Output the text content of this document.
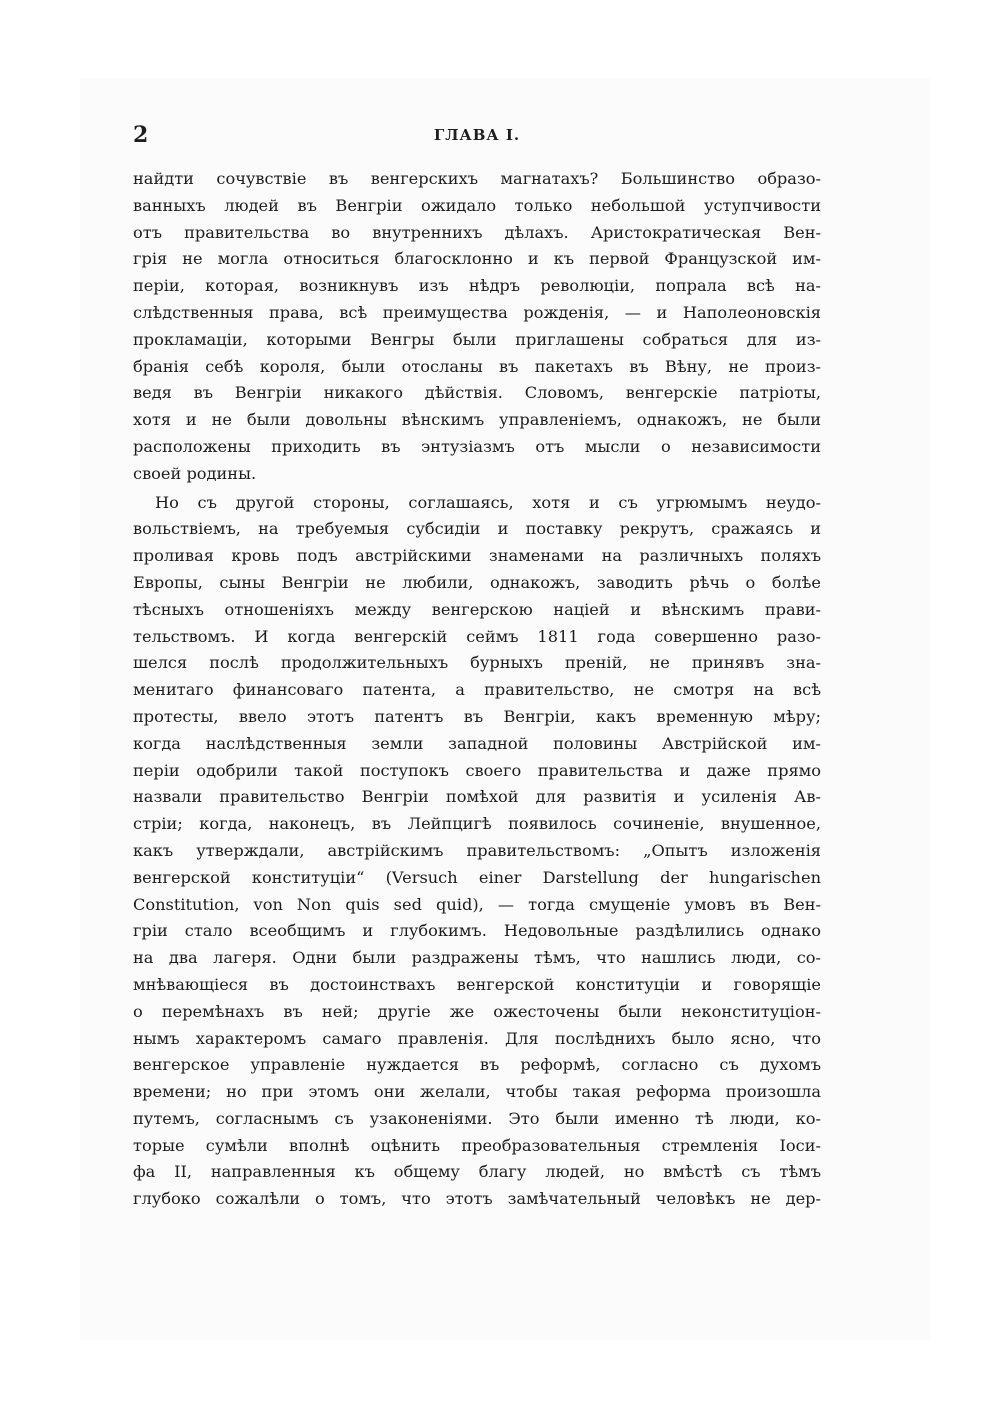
2	ГЛАВА I.
найдти сочувствіе въ венгерскихъ магнатахъ? Большинство образо-
ванныхъ людей въ Венгріи ожидало только небольшой уступчивости
отъ правительства во внутреннихъ дѣлахъ. Аристократическая Вен-
грія не могла относиться благосклонно и къ первой Французской им-
періи, которая, возникнувъ изъ нѣдръ революціи, попрала всѣ на-
слѣдственныя права, всѣ преимущества рожденія, — и Наполеоновскія
прокламаціи, которыми Венгры были приглашены собраться для из-
бранія себѣ короля, были отосланы въ пакетахъ въ Вѣну, не произ-
ведя въ Венгріи никакого дѣйствія. Словомъ, венгерскіе патріоты,
хотя и не были довольны вѣнскимъ управленіемъ, однакожъ, не были
расположены приходить въ энтузіазмъ отъ мысли о независимости
своей родины.
Но съ другой стороны, соглашаясь, хотя и съ угрюмымъ неудо-
вольствіемъ, на требуемыя субсидіи и поставку рекрутъ, сражаясь и
проливая кровь подъ австрійскими знаменами на различныхъ поляхъ
Европы, сыны Венгріи не любили, однакожъ, заводить рѣчь о болѣе
тѣсныхъ отношеніяхъ между венгерскою націей и вѣнскимъ прави-
тельствомъ. И когда венгерскій сеймъ 1811 года совершенно разо-
шелся послѣ продолжительныхъ бурныхъ преній, не принявъ зна-
менитаго финансоваго патента, а правительство, не смотря на всѣ
протесты, ввело этотъ патентъ въ Венгріи, какъ временную мѣру;
когда наслѣдственныя земли западной половины Австрійской им-
періи одобрили такой поступокъ своего правительства и даже прямо
назвали правительство Венгріи помѣхой для развитія и усиленія Ав-
стріи; когда, наконецъ, въ Лейпцигѣ появилось сочиненіе, внушенное,
какъ утверждали, австрійскимъ правительствомъ: „Опытъ изложенія
венгерской конституціи“ (Versuch einer Darstellung der hungarischen
Constitution, von Non quis sed quid), — тогда смущеніе умовъ въ Вен-
гріи стало всеобщимъ и глубокимъ. Недовольные раздѣлились однако
на два лагеря. Одни были раздражены тѣмъ, что нашлись люди, со-
мнѣвающіеся въ достоинствахъ венгерской конституціи и говорящіе
о перемѣнахъ въ ней; другіе же ожесточены были неконституціон-
нымъ характеромъ самаго правленія. Для послѣднихъ было ясно, что
венгерское управленіе нуждается въ реформѣ, согласно съ духомъ
времени; но при этомъ они желали, чтобы такая реформа произошла
путемъ, согласнымъ съ узаконеніями. Это были именно тѣ люди, ко-
торые сумѣли вполнѣ оцѣнить преобразовательныя стремленія Іоси-
фа II, направленныя къ общему благу людей, но вмѣстѣ съ тѣмъ
глубоко сожалѣли о томъ, что этотъ замѣчательный человѣкъ не дер-
